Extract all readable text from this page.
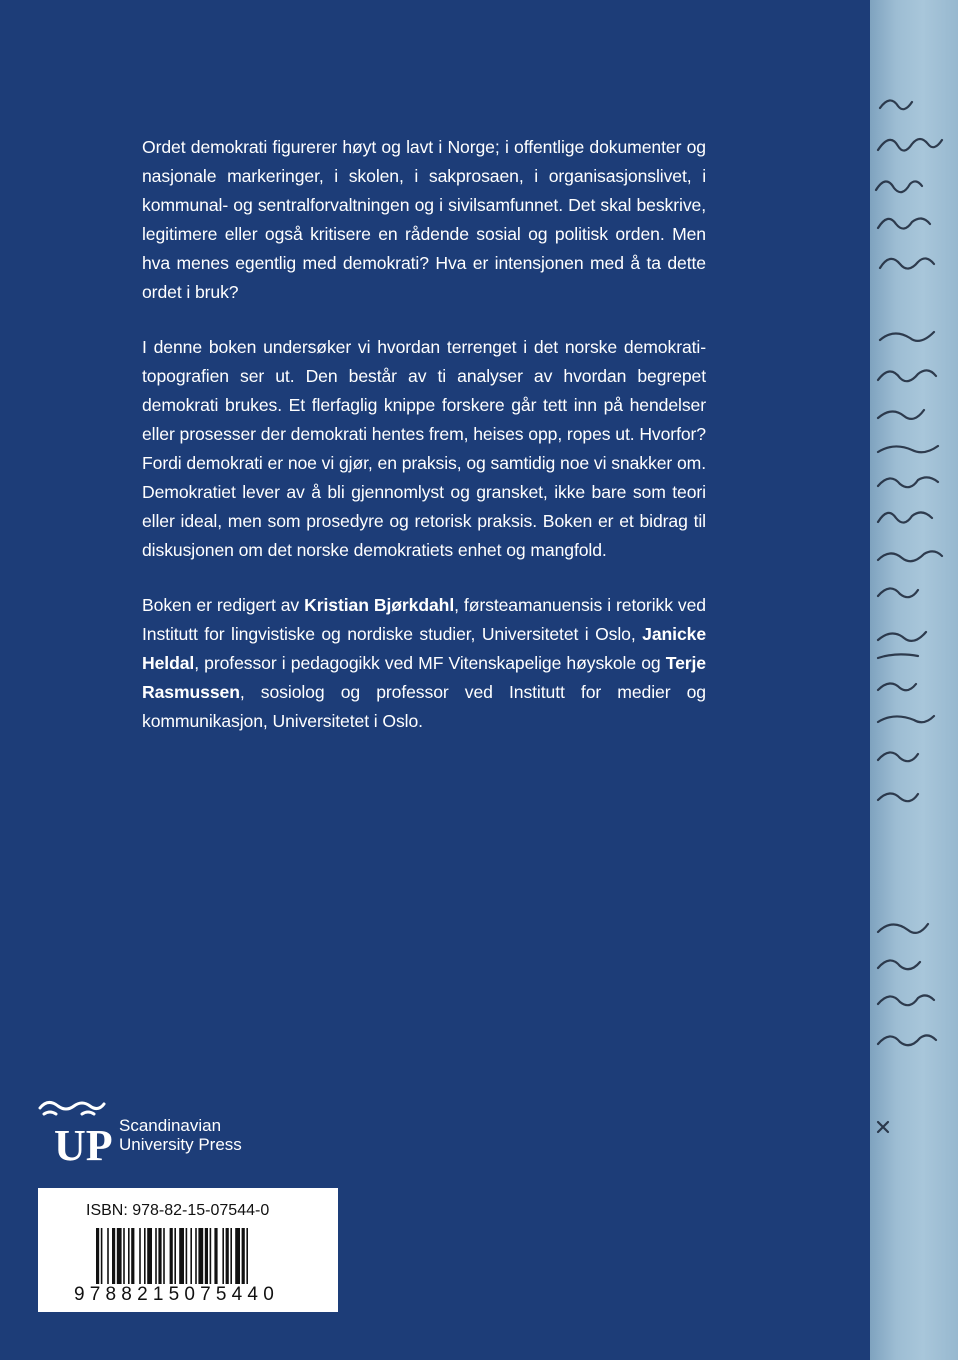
Ordet demokrati figurerer høyt og lavt i Norge; i offentlige dokumenter og nasjonale markeringer, i skolen, i sakprosaen, i organisasjonslivet, i kommunal- og sentralforvaltningen og i sivilsamfunnet. Det skal beskrive, legitimere eller også kritisere en rådende sosial og politisk orden. Men hva menes egentlig med demokrati? Hva er intensjonen med å ta dette ordet i bruk?

I denne boken undersøker vi hvordan terrenget i det norske demokrati-topografien ser ut. Den består av ti analyser av hvordan begrepet demokrati brukes. Et flerfaglig knippe forskere går tett inn på hendelser eller prosesser der demokrati hentes frem, heises opp, ropes ut. Hvorfor? Fordi demokrati er noe vi gjør, en praksis, og samtidig noe vi snakker om. Demokratiet lever av å bli gjennomlyst og gransket, ikke bare som teori eller ideal, men som prosedyre og retorisk praksis. Boken er et bidrag til diskusjonen om det norske demokratiets enhet og mangfold.

Boken er redigert av Kristian Bjørkdahl, førsteamanuensis i retorikk ved Institutt for lingvistiske og nordiske studier, Universitetet i Oslo, Janicke Heldal, professor i pedagogikk ved MF Vitenskapelige høyskole og Terje Rasmussen, sosiolog og professor ved Institutt for medier og kommunikasjon, Universitetet i Oslo.

UP Scandinavian
University Press
ISBN: 978-82-15-07544-0
9788215075440
